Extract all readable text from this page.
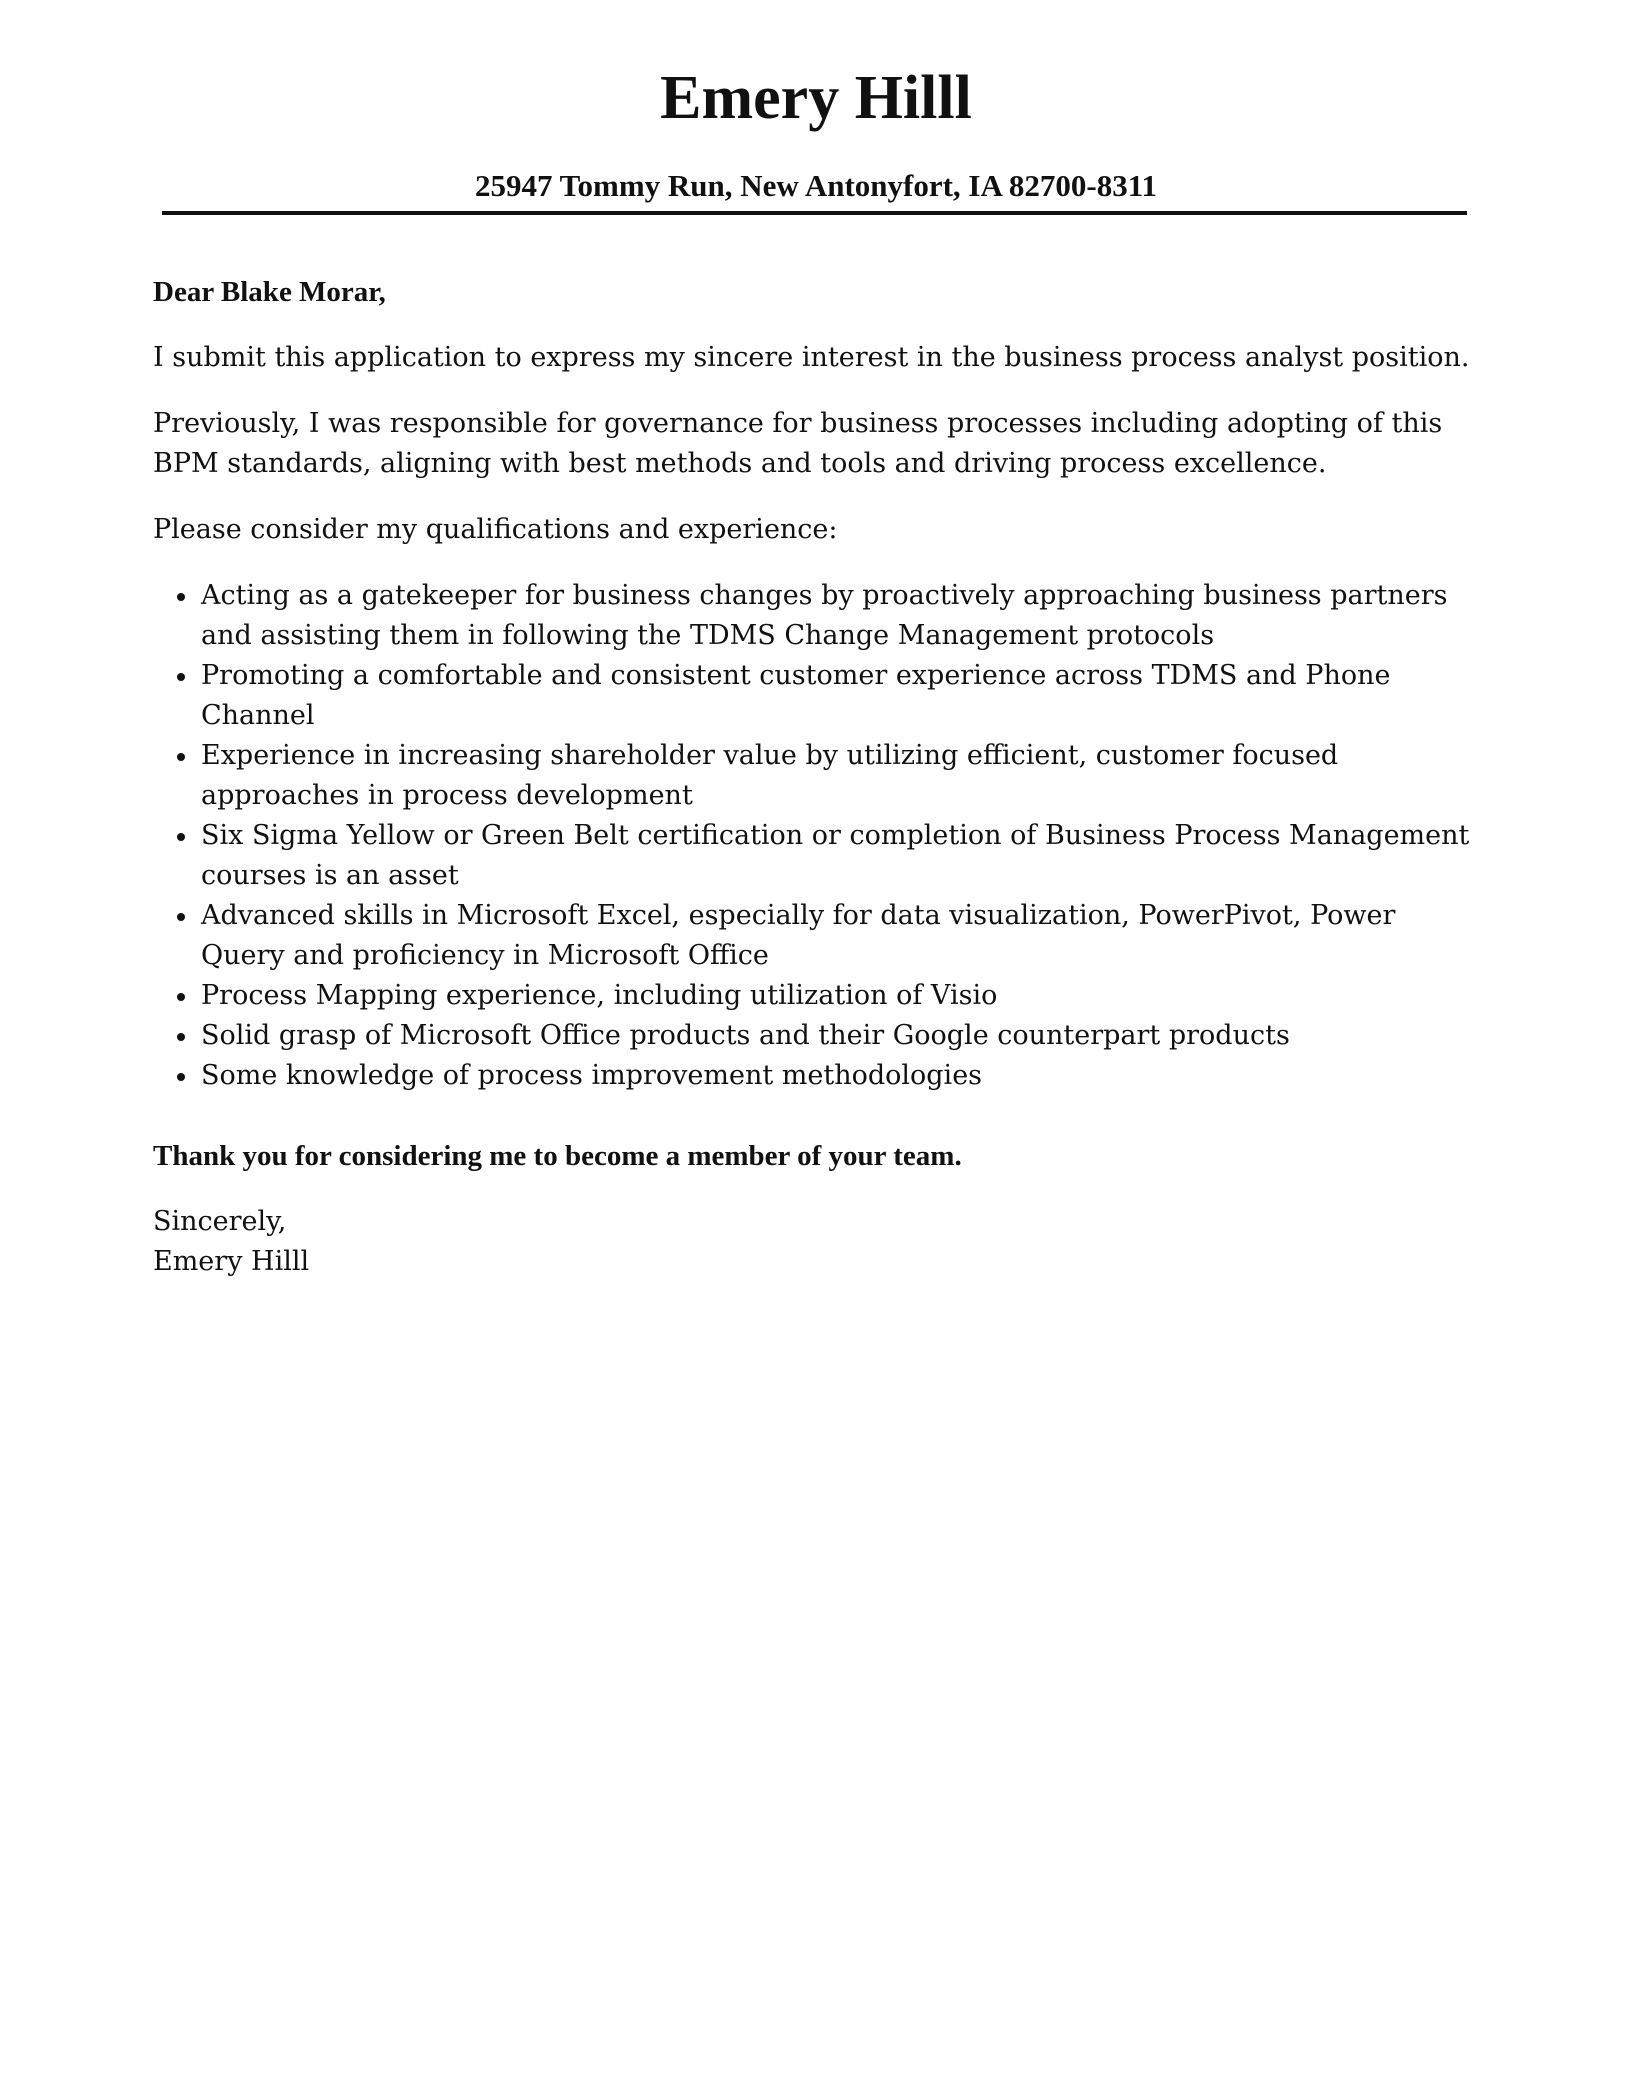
Emery Hilll
25947 Tommy Run, New Antonyfort, IA 82700-8311

Dear Blake Morar,

I submit this application to express my sincere interest in the business process analyst position.

Previously, I was responsible for governance for business processes including adopting of this BPM standards, aligning with best methods and tools and driving process excellence.

Please consider my qualifications and experience:

Acting as a gatekeeper for business changes by proactively approaching business partners and assisting them in following the TDMS Change Management protocols
Promoting a comfortable and consistent customer experience across TDMS and Phone Channel
Experience in increasing shareholder value by utilizing efficient, customer focused approaches in process development
Six Sigma Yellow or Green Belt certification or completion of Business Process Management courses is an asset
Advanced skills in Microsoft Excel, especially for data visualization, PowerPivot, Power Query and proficiency in Microsoft Office
Process Mapping experience, including utilization of Visio
Solid grasp of Microsoft Office products and their Google counterpart products
Some knowledge of process improvement methodologies

Thank you for considering me to become a member of your team.

Sincerely,

Emery Hilll
